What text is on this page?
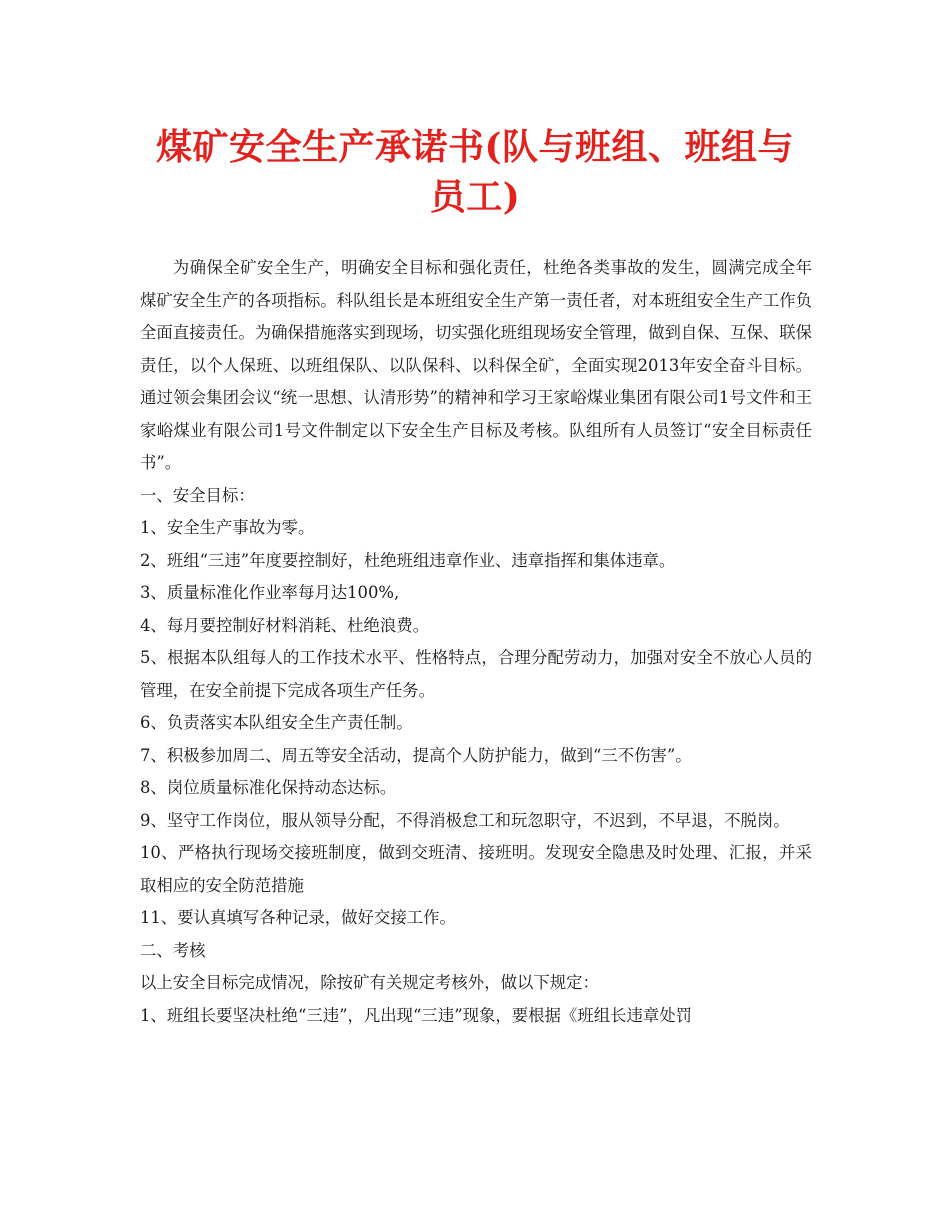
煤矿安全生产承诺书(队与班组、班组与员工)

为确保全矿安全生产，明确安全目标和强化责任，杜绝各类事故的发生，圆满完成全年煤矿安全生产的各项指标。科队组长是本班组安全生产第一责任者，对本班组安全生产工作负全面直接责任。为确保措施落实到现场，切实强化班组现场安全管理，做到自保、互保、联保责任，以个人保班、以班组保队、以队保科、以科保全矿，全面实现2013年安全奋斗目标。通过领会集团会议“统一思想、认清形势”的精神和学习王家峪煤业集团有限公司1号文件和王家峪煤业有限公司1号文件制定以下安全生产目标及考核。队组所有人员签订“安全目标责任书”。

一、安全目标：

1、安全生产事故为零。

2、班组“三违”年度要控制好，杜绝班组违章作业、违章指挥和集体违章。

3、质量标准化作业率每月达100%,

4、每月要控制好材料消耗、杜绝浪费。

5、根据本队组每人的工作技术水平、性格特点，合理分配劳动力，加强对安全不放心人员的管理，在安全前提下完成各项生产任务。

6、负责落实本队组安全生产责任制。

7、积极参加周二、周五等安全活动，提高个人防护能力，做到“三不伤害”。

8、岗位质量标准化保持动态达标。

9、坚守工作岗位，服从领导分配，不得消极怠工和玩忽职守，不迟到，不早退，不脱岗。

10、严格执行现场交接班制度，做到交班清、接班明。发现安全隐患及时处理、汇报，并采取相应的安全防范措施

11、要认真填写各种记录，做好交接工作。

二、考核

以上安全目标完成情况，除按矿有关规定考核外，做以下规定：

1、班组长要坚决杜绝“三违”，凡出现“三违”现象，要根据《班组长违章处罚
